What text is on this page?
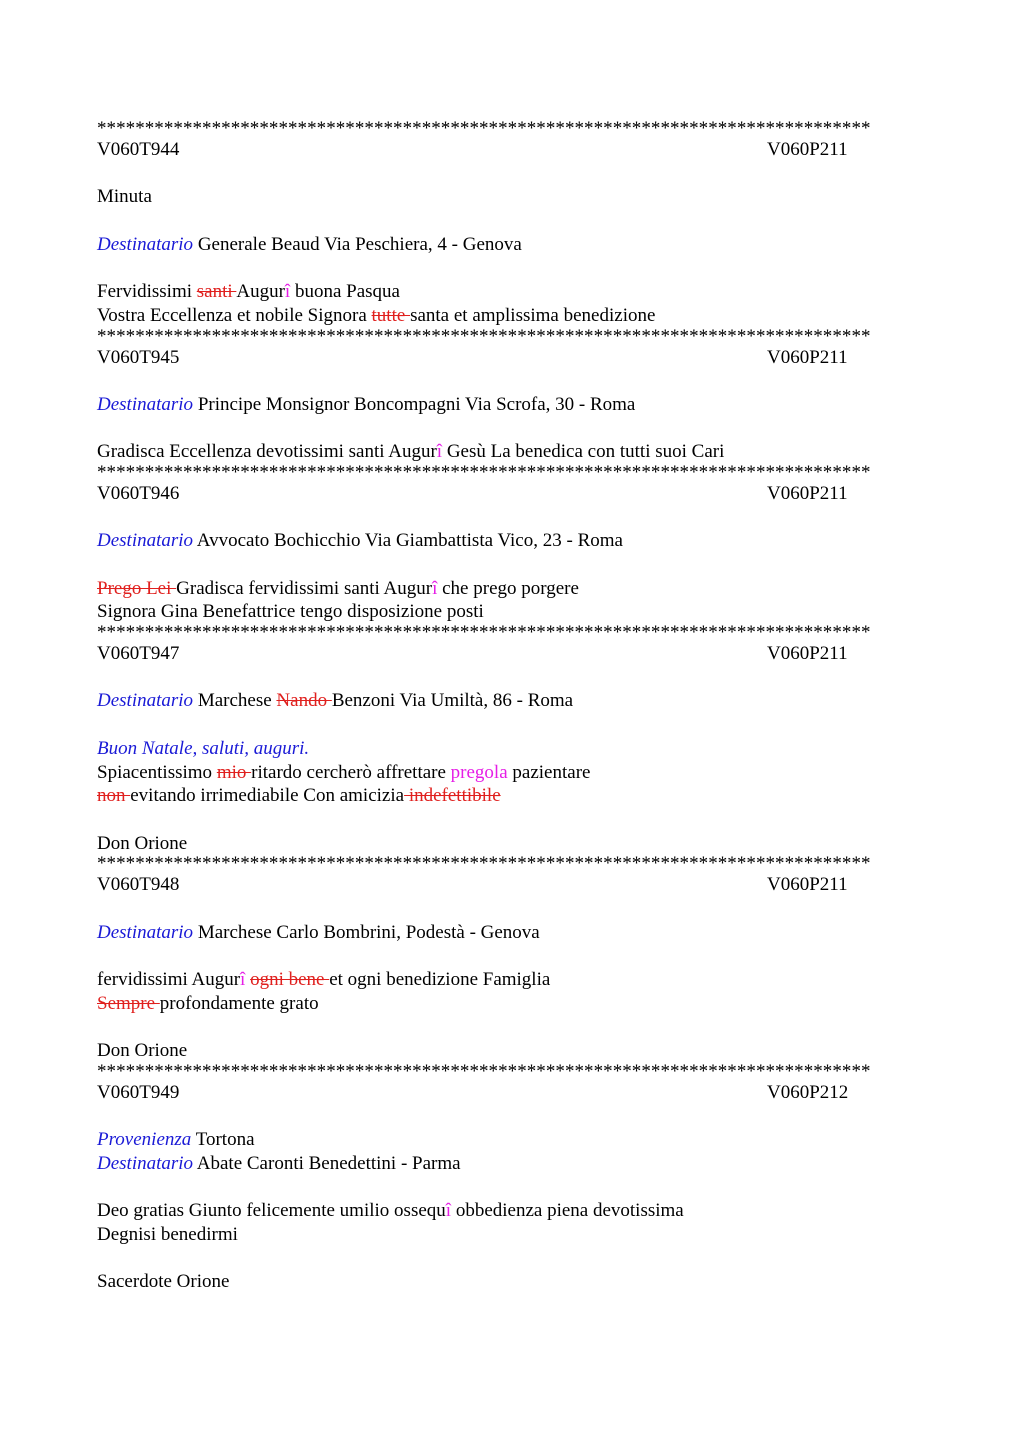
*********************************************************************************
V060T944	V060P211
Minuta
Destinatario Generale Beaud Via Peschiera, 4 - Genova
Fervidissimi santi Augurî buona Pasqua
Vostra Eccellenza et nobile Signora tutte santa et amplissima benedizione
*********************************************************************************
V060T945	V060P211
Destinatario Principe Monsignor Boncompagni Via Scrofa, 30 - Roma
Gradisca Eccellenza devotissimi santi Augurî Gesù La benedica con tutti suoi Cari
*********************************************************************************
V060T946	V060P211
Destinatario Avvocato Bochicchio Via Giambattista Vico, 23 - Roma
Prego Lei Gradisca fervidissimi santi Augurî che prego porgere
Signora Gina Benefattrice tengo disposizione posti
*********************************************************************************
V060T947	V060P211
Destinatario Marchese Nando Benzoni Via Umiltà, 86 - Roma
Buon Natale, saluti, auguri.
Spiacentissimo mio ritardo cercherò affrettare pregola pazientare
non evitando irrimediabile Con amicizia indefettibile
Don Orione
*********************************************************************************
V060T948	V060P211
Destinatario Marchese Carlo Bombrini, Podestà - Genova
fervidissimi Augurî ogni bene et ogni benedizione Famiglia
Sempre profondamente grato
Don Orione
*********************************************************************************
V060T949	V060P212
Provenienza Tortona
Destinatario Abate Caronti Benedettini - Parma
Deo gratias Giunto felicemente umilio ossequî obbedienza piena devotissima
Degnisi benedirmi
Sacerdote Orione
